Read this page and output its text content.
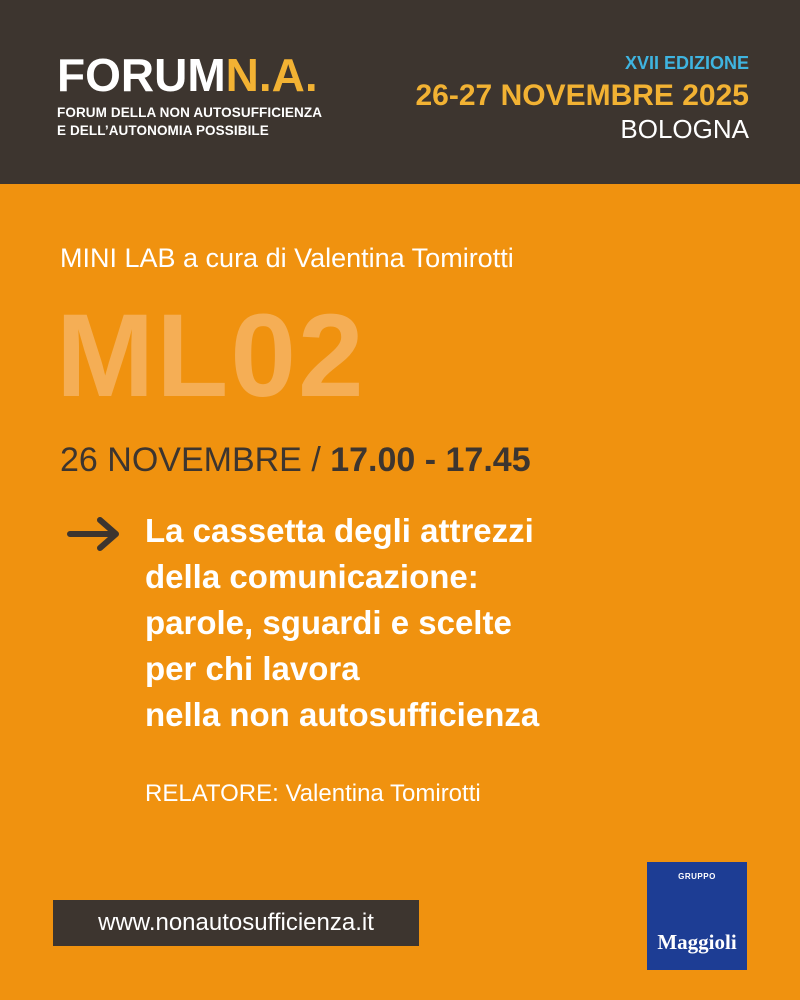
FORUMN.A.
FORUM DELLA NON AUTOSUFFICIENZA
E DELL’AUTONOMIA POSSIBILE
XVII EDIZIONE
26-27 NOVEMBRE 2025
BOLOGNA
MINI LAB a cura di Valentina Tomirotti
ML02
26 NOVEMBRE / 17.00 - 17.45
La cassetta degli attrezzi
della comunicazione:
parole, sguardi e scelte
per chi lavora
nella non autosufficienza
RELATORE: Valentina Tomirotti
www.nonautosufficienza.it
GRUPPO
Maggioli
